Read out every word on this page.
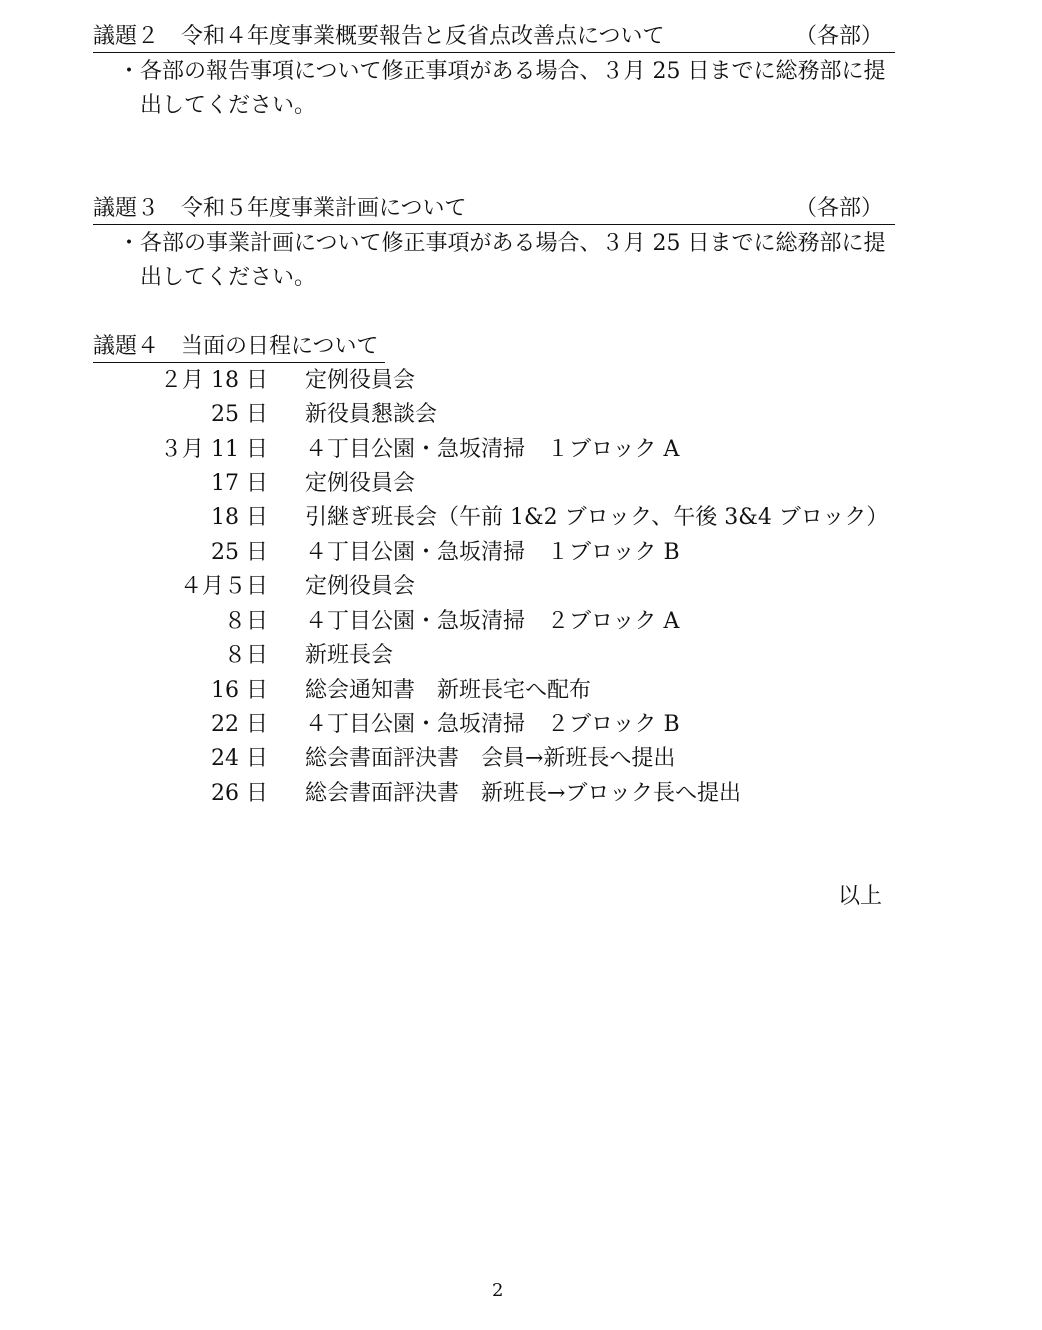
議題２　令和４年度事業概要報告と反省点改善点について	（各部）
・各部の報告事項について修正事項がある場合、３月 25 日までに総務部に提
出してください。
議題３　令和５年度事業計画について	（各部）
・各部の事業計画について修正事項がある場合、３月 25 日までに総務部に提
出してください。
議題４　当面の日程について
２月 18 日 定例役員会
25 日 新役員懇談会
３月 11 日 ４丁目公園・急坂清掃　１ブロック A
17 日 定例役員会
18 日 引継ぎ班長会（午前 1&2 ブロック、午後 3&4 ブロック）
25 日 ４丁目公園・急坂清掃　１ブロック B
４月５日 定例役員会
８日 ４丁目公園・急坂清掃　２ブロック A
８日 新班長会
16 日 総会通知書　新班長宅へ配布
22 日 ４丁目公園・急坂清掃　２ブロック B
24 日 総会書面評決書　会員→新班長へ提出
26 日 総会書面評決書　新班長→ブロック長へ提出
以上
2
